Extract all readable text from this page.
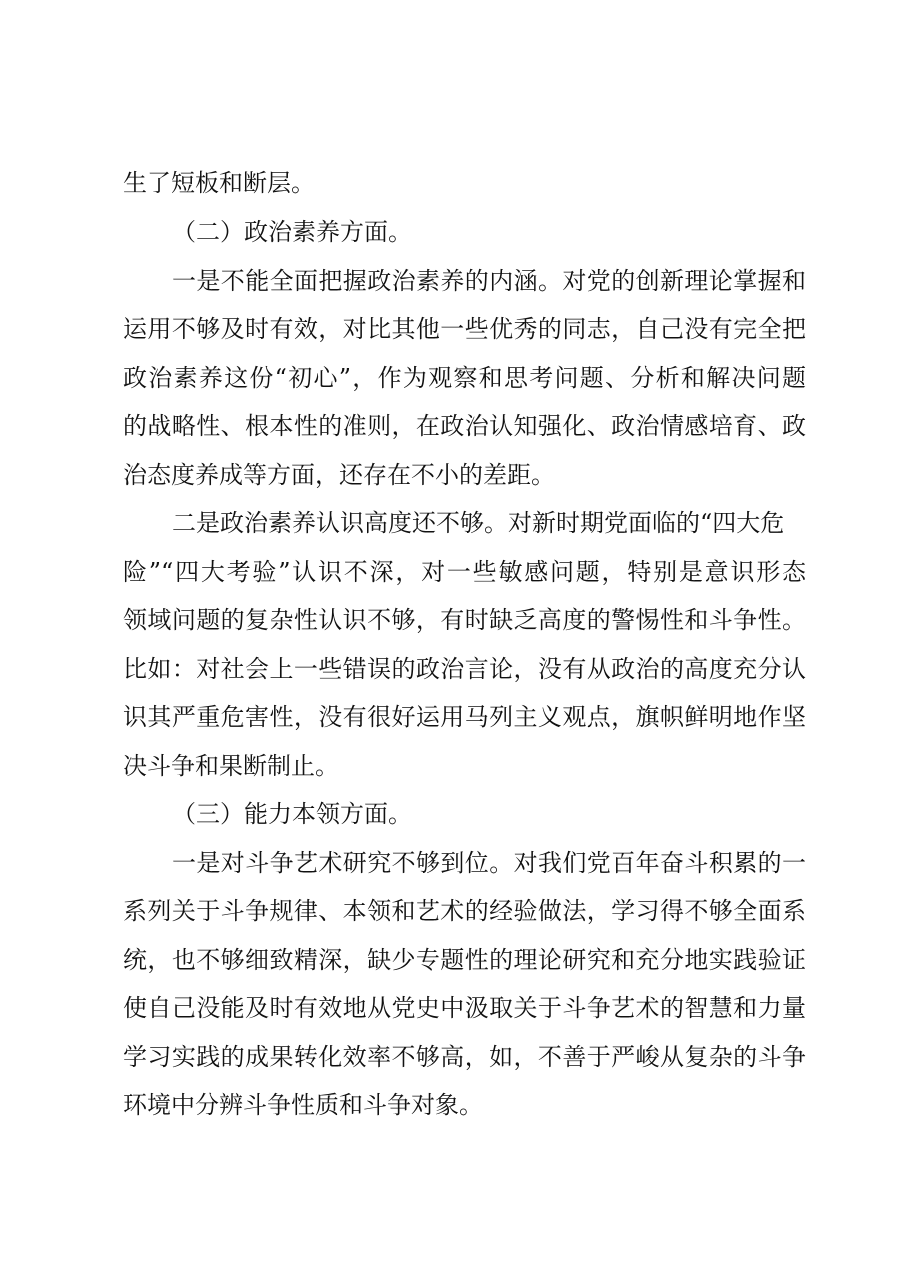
生了短板和断层。
（二）政治素养方面。
一是不能全面把握政治素养的内涵。对党的创新理论掌握和
运用不够及时有效，对比其他一些优秀的同志，自己没有完全把
政治素养这份“初心”，作为观察和思考问题、分析和解决问题
的战略性、根本性的准则，在政治认知强化、政治情感培育、政
治态度养成等方面，还存在不小的差距。
二是政治素养认识高度还不够。对新时期党面临的“四大危
险”“四大考验”认识不深，对一些敏感问题，特别是意识形态
领域问题的复杂性认识不够，有时缺乏高度的警惕性和斗争性。
比如：对社会上一些错误的政治言论，没有从政治的高度充分认
识其严重危害性，没有很好运用马列主义观点，旗帜鲜明地作坚
决斗争和果断制止。
（三）能力本领方面。
一是对斗争艺术研究不够到位。对我们党百年奋斗积累的一
系列关于斗争规律、本领和艺术的经验做法，学习得不够全面系
统，也不够细致精深，缺少专题性的理论研究和充分地实践验证
使自己没能及时有效地从党史中汲取关于斗争艺术的智慧和力量
学习实践的成果转化效率不够高，如，不善于严峻从复杂的斗争
环境中分辨斗争性质和斗争对象。
